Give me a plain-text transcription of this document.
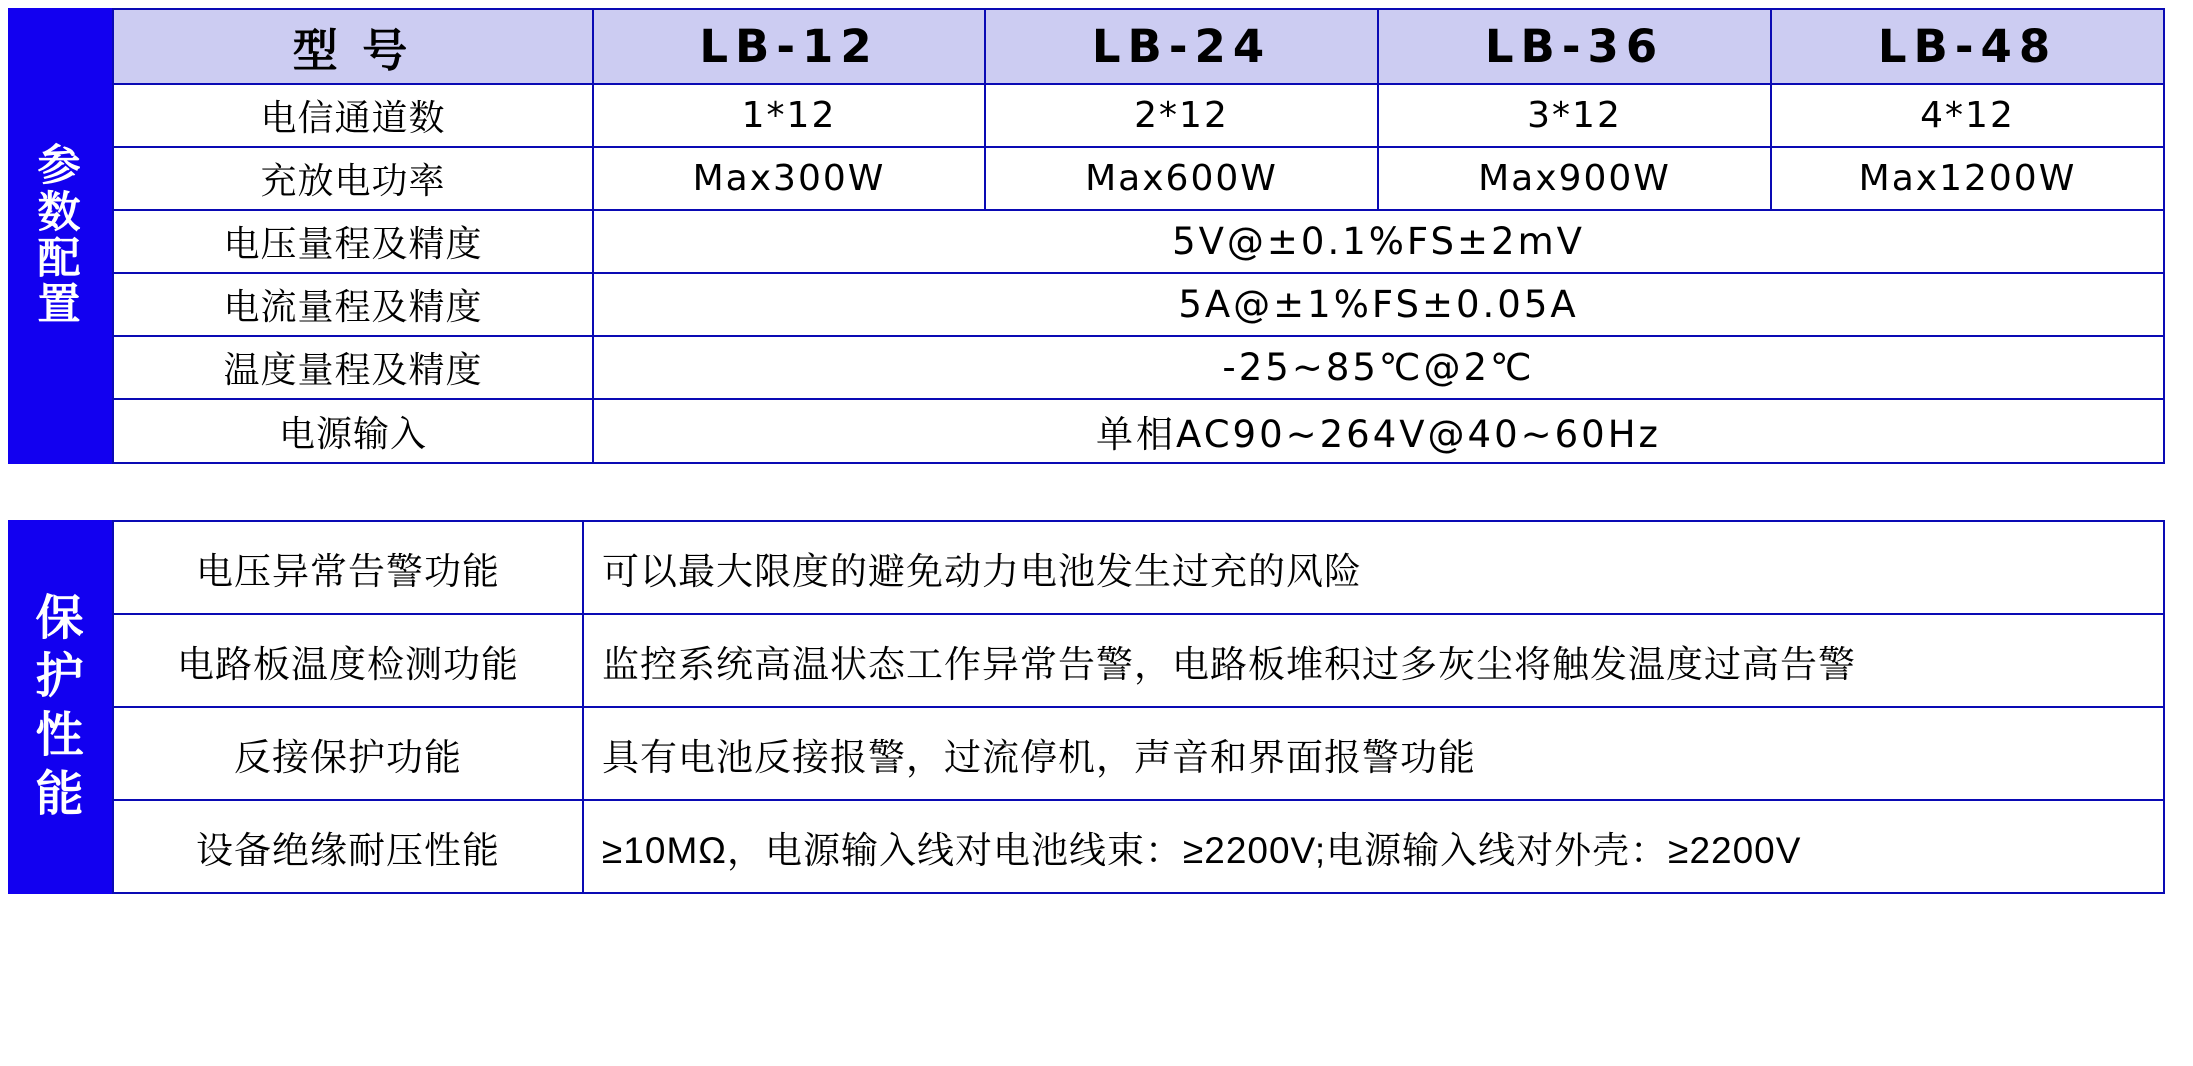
参
数
配
置
型 号	LB-12	LB-24	LB-36	LB-48
电信通道数	1*12	2*12	3*12	4*12
充放电功率	Max300W	Max600W	Max900W	Max1200W
电压量程及精度	5V@±0.1%FS±2mV			
电流量程及精度	5A@±1%FS±0.05A			
温度量程及精度	-25~85℃@2℃			
电源输入	单相AC90~264V@40~60Hz			
保
护
性
能
电压异常告警功能	可以最大限度的避免动力电池发生过充的风险
电路板温度检测功能	监控系统高温状态工作异常告警，电路板堆积过多灰尘将触发温度过高告警
反接保护功能	具有电池反接报警，过流停机，声音和界面报警功能
设备绝缘耐压性能	≥10MΩ，电源输入线对电池线束：≥2200V;电源输入线对外壳：≥2200V
